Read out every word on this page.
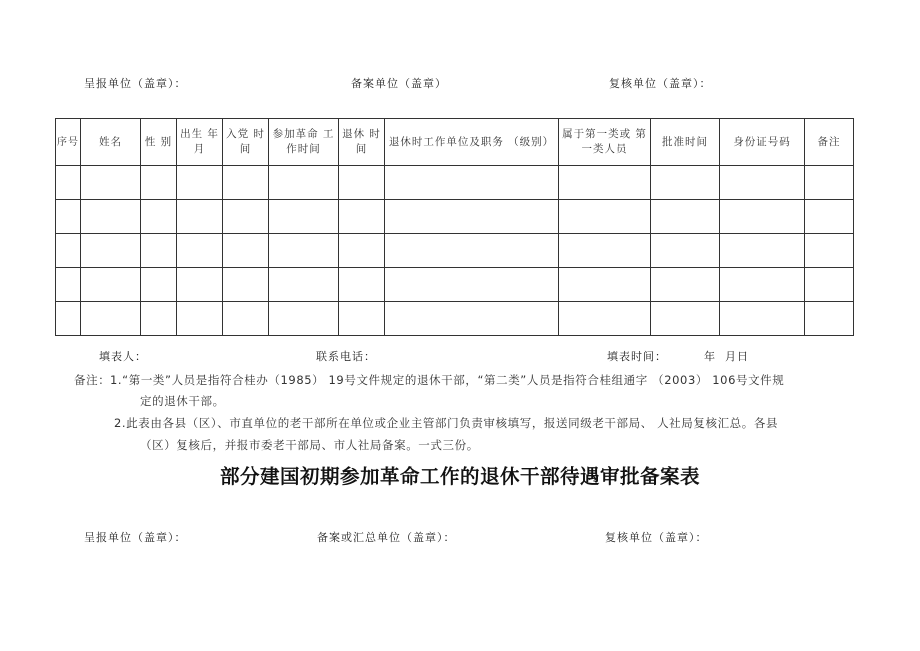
呈报单位（盖章）：	备案单位（盖章）	复核单位（盖章）：
序号	姓名	性 别	出生 年月	入党 时间	参加革命 工作时间	退休 时间	退休时工作单位及职务 （级别）	属于第一类或 第一类人员	批准时间	身份证号码	备注

填表人：	联系电话：	填表时间：	年  月日
备注： 1.“第一类”人员是指符合桂办（1985） 19号文件规定的退休干部，“第二类”人员是指符合桂组通字 （2003） 106号文件规
定的退休干部。
2.此表由各县（区）、市直单位的老干部所在单位或企业主管部门负责审核填写，报送同级老干部局、 人社局复核汇总。各县
（区）复核后，并报市委老干部局、市人社局备案。一式三份。
部分建国初期参加革命工作的退休干部待遇审批备案表
呈报单位（盖章）：	备案或汇总单位（盖章）：	复核单位（盖章）：
